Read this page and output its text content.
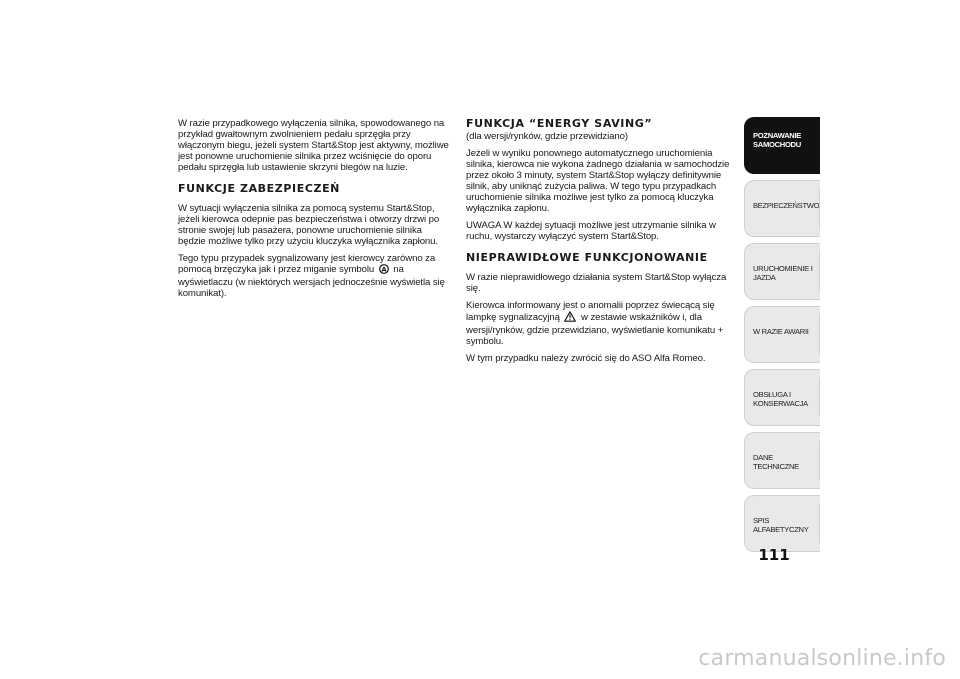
W razie przypadkowego wyłączenia silnika, spowodowanego na przykład gwałtownym zwolnieniem pedału sprzęgła przy włączonym biegu, jeżeli system Start&Stop jest aktywny, możliwe jest ponowne uruchomienie silnika przez wciśnięcie do oporu pedału sprzęgła lub ustawienie skrzyni biegów na luzie.

FUNKCJE ZABEZPIECZEŃ

W sytuacji wyłączenia silnika za pomocą systemu Start&Stop, jeżeli kierowca odepnie pas bezpieczeństwa i otworzy drzwi po stronie swojej lub pasażera, ponowne uruchomienie silnika będzie możliwe tylko przy użyciu kluczyka wyłącznika zapłonu.

Tego typu przypadek sygnalizowany jest kierowcy zarówno za pomocą brzęczyka jak i przez miganie symbolu A na wyświetlaczu (w niektórych wersjach jednocześnie wyświetla się komunikat).

FUNKCJA “ENERGY SAVING”

(dla wersji/rynków, gdzie przewidziano)

Jeżeli w wyniku ponownego automatycznego uruchomienia silnika, kierowca nie wykona żadnego działania w samochodzie przez około 3 minuty, system Start&Stop wyłączy definitywnie silnik, aby uniknąć zużycia paliwa. W tego typu przypadkach uruchomienie silnika możliwe jest tylko za pomocą kluczyka wyłącznika zapłonu.

UWAGA W każdej sytuacji możliwe jest utrzymanie silnika w ruchu, wystarczy wyłączyć system Start&Stop.

NIEPRAWIDŁOWE FUNKCJONOWANIE

W razie nieprawidłowego działania system Start&Stop wyłącza się.

Kierowca informowany jest o anomalii poprzez świecącą się lampkę sygnalizacyjną w zestawie wskaźników i, dla wersji/rynków, gdzie przewidziano, wyświetlanie komunikatu + symbolu.

W tym przypadku należy zwrócić się do ASO Alfa Romeo.

POZNAWANIE SAMOCHODU
BEZPIECZEŃSTWO
URUCHOMIENIE I JAZDA
W RAZIE AWARII
OBSŁUGA I KONSERWACJA
DANE TECHNICZNE
SPIS ALFABETYCZNY
111
carmanualsonline.info
